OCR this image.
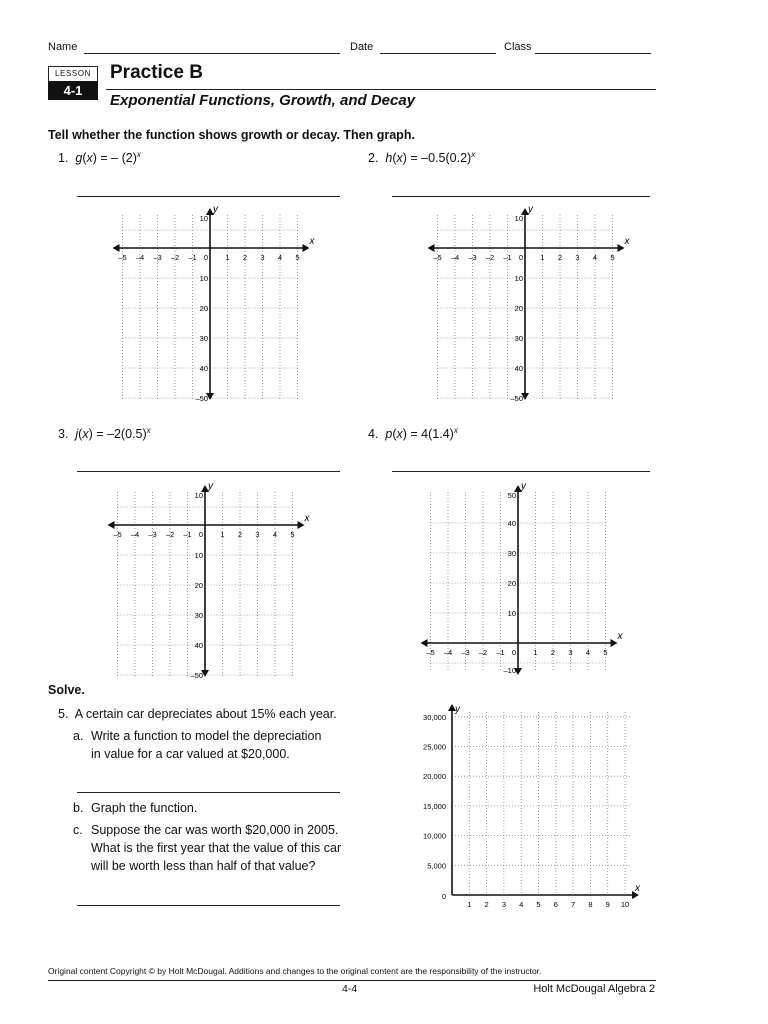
Name	Date	Class
LESSON
4-1
Practice B
Exponential Functions, Growth, and Decay
Tell whether the function shows growth or decay. Then graph.
1. g(x) = – $(2)^x$	2. $h(x) = -0.5(0.2)^x$
3. $j(x) = -2(0.5)^x$	4. $p(x) = 4(1.4)^x$
x
y
–5 –4 –3 –2 –1 0 1 2 3 4 5
10
10
20
30
40
–50
x
y
–5 –4 –3 –2 –1 0 1 2 3 4 5
10
10
20
30
40
–50
x
y
–5 –4 –3 –2 –1 0 1 2 3 4 5
10
10
20
30
40
–50
x
y
–5 –4 –3 –2 –1 0 1 2 3 4 5
50
40
30
20
10
–10
Solve.
5. A certain car depreciates about 15% each year.
a. Write a function to model the depreciation
in value for a car valued at $20,000.
b. Graph the function.
c. Suppose the car was worth $20,000 in 2005.
What is the first year that the value of this car
will be worth less than half of that value?
x
y
30,000
25,000
20,000
15,000
10,000
5,000
0
1 2 3 4 5 6 7 8 9 10
Original content Copyright © by Holt McDougal. Additions and changes to the original content are the responsibility of the instructor.
4-4	Holt McDougal Algebra 2
